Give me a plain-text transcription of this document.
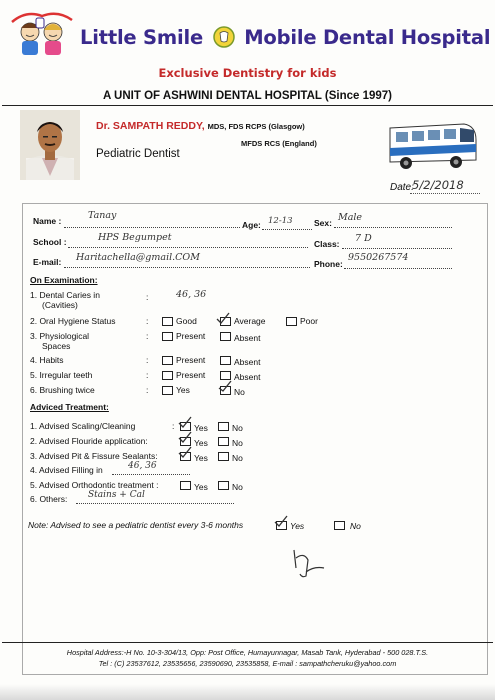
Little Smile Mobile Dental Hospital
Exclusive Dentistry for kids
A UNIT OF ASHWINI DENTAL HOSPITAL (Since 1997)
Dr. SAMPATH REDDY, MDS, FDS RCPS (Glasgow)
MFDS RCS (England)
Pediatric Dentist
Date:
5/2/2018
Name :	Tanay
Age: 12-13	Sex: Male
School :	HPS Begumpet
Class: 7 D
E-mail: Haritachella@gmail.COM
Phone:
9550267574
On Examination:
1. Dental Caries in
(Cavities)
:	46, 36
2. Oral Hygiene Status	:	Good	Average	Poor
3. Physiological
Spaces
:	Present	Absent
4. Habits	:	Present	Absent
5. Irregular teeth	:	Present	Absent
6. Brushing twice	:	Yes	No
Adviced Treatment:
1. Advised Scaling/Cleaning	: Yes	No
2. Advised Flouride application:	Yes	No
3. Advised Pit & Fissure Sealants:	Yes	No
4. Advised Filling in	46, 36
5. Advised Orthodontic treatment :	Yes	No
6. Others: Stains + Cal
Note: Advised to see a pediatric dentist every 3-6 months	Yes	No
Hospital Address:-H No. 10-3-304/13, Opp: Post Office, Humayunnagar, Masab Tank, Hyderabad - 500 028.T.S.
Tel : (C) 23537612, 23535656, 23590690, 23535858, E-mail : sampathcheruku@yahoo.com
